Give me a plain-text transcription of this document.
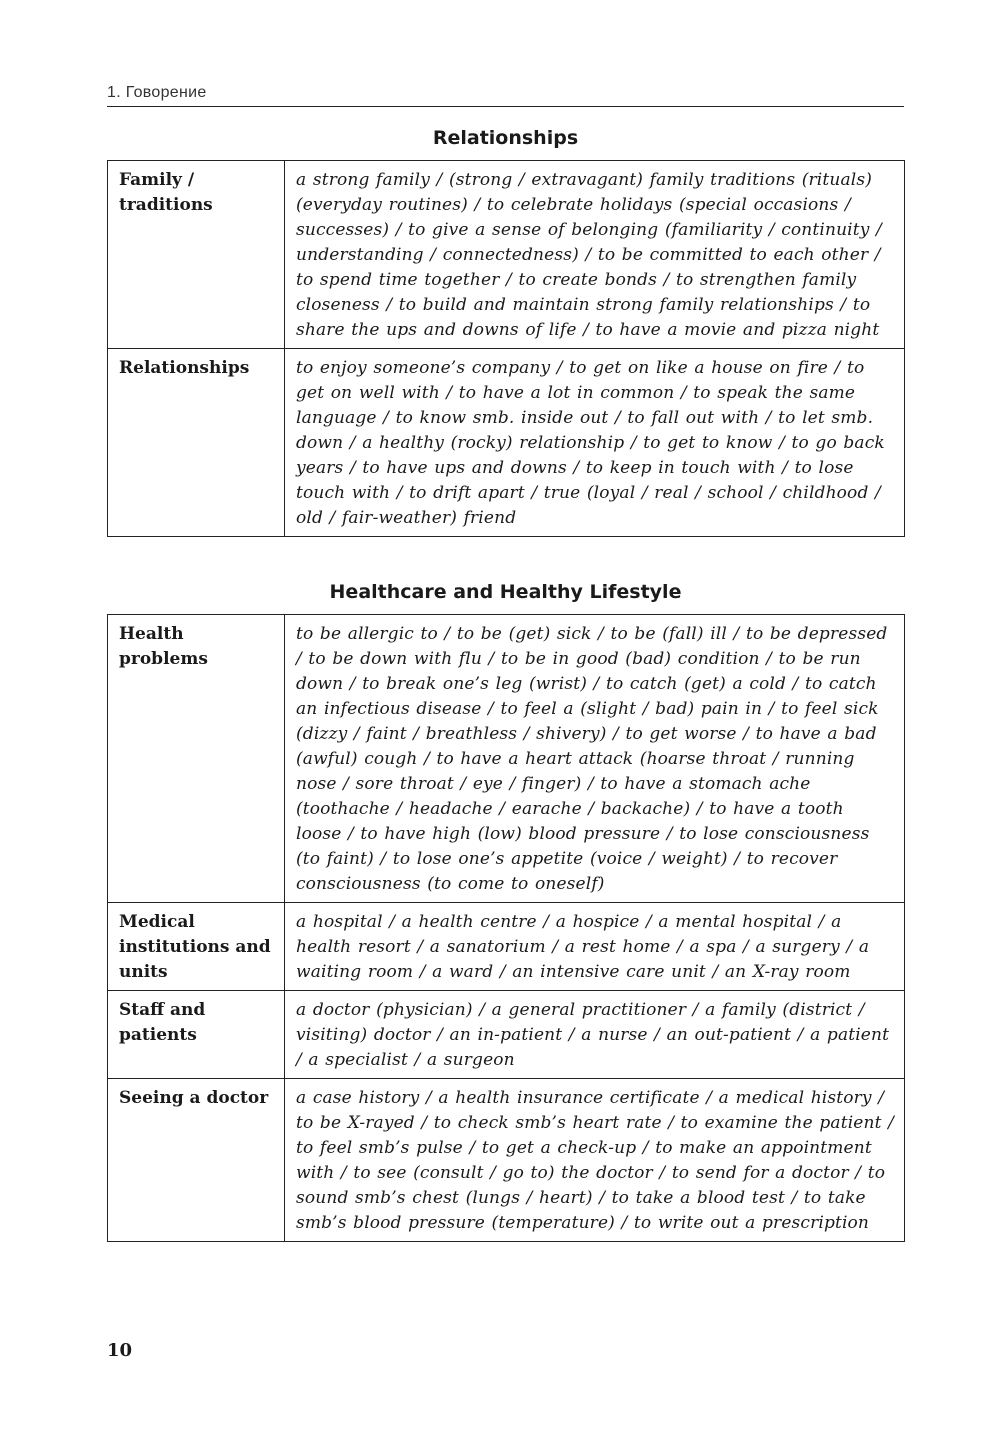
1. Говорение
Relationships
Family / traditions	a strong family / (strong / extravagant) family traditions (rituals) (everyday routines) / to celebrate holidays (special occasions / successes) / to give a sense of belonging (familiarity / continuity / understanding / connectedness) / to be committed to each other / to spend time together / to create bonds / to strengthen family closeness / to build and maintain strong family relationships / to share the ups and downs of life / to have a movie and pizza night
Relationships	to enjoy someone’s company / to get on like a house on fire / to get on well with / to have a lot in common / to speak the same language / to know smb. inside out / to fall out with / to let smb. down / a healthy (rocky) relationship / to get to know / to go back years / to have ups and downs / to keep in touch with / to lose touch with / to drift apart / true (loyal / real / school / childhood / old / fair-weather) friend
Healthcare and Healthy Lifestyle
Health problems	to be allergic to / to be (get) sick / to be (fall) ill / to be depressed / to be down with flu / to be in good (bad) condition / to be run down / to break one’s leg (wrist) / to catch (get) a cold / to catch an infectious disease / to feel a (slight / bad) pain in / to feel sick (dizzy / faint / breathless / shivery) / to get worse / to have a bad (awful) cough / to have a heart attack (hoarse throat / running nose / sore throat / eye / finger) / to have a stomach ache (toothache / headache / earache / backache) / to have a tooth loose / to have high (low) blood pressure / to lose consciousness (to faint) / to lose one’s appetite (voice / weight) / to recover consciousness (to come to oneself)
Medical institutions and units	a hospital / a health centre / a hospice / a mental hospital / a health resort / a sanatorium / a rest home / a spa / a surgery / a waiting room / a ward / an intensive care unit / an X-ray room
Staff and patients	a doctor (physician) / a general practitioner / a family (district / visiting) doctor / an in-patient / a nurse / an out-patient / a patient / a specialist / a surgeon
Seeing a doctor	a case history / a health insurance certificate / a medical history / to be X-rayed / to check smb’s heart rate / to examine the patient / to feel smb’s pulse / to get a check-up / to make an appointment with / to see (consult / go to) the doctor / to send for a doctor / to sound smb’s chest (lungs / heart) / to take a blood test / to take smb’s blood pressure (temperature) / to write out a prescription
10
